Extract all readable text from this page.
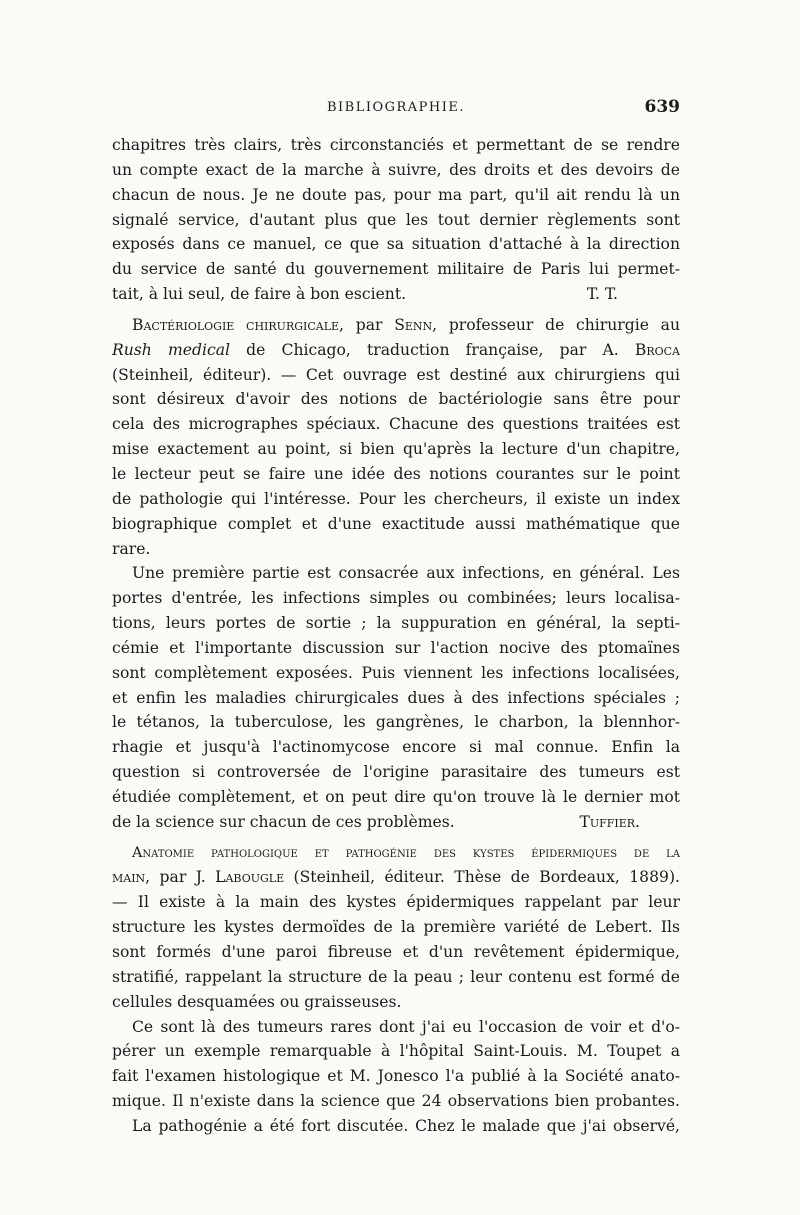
BIBLIOGRAPHIE.	639
chapitres très clairs, très circonstanciés et permettant de se rendre
un compte exact de la marche à suivre, des droits et des devoirs de
chacun de nous. Je ne doute pas, pour ma part, qu'il ait rendu là un
signalé service, d'autant plus que les tout dernier règlements sont
exposés dans ce manuel, ce que sa situation d'attaché à la direction
du service de santé du gouvernement militaire de Paris lui permet-
tait, à lui seul, de faire à bon escient.	T. T.
Bactériologie chirurgicale, par Senn, professeur de chirurgie au
Rush medical de Chicago, traduction française, par A. Broca
(Steinheil, éditeur). — Cet ouvrage est destiné aux chirurgiens qui
sont désireux d'avoir des notions de bactériologie sans être pour
cela des micrographes spéciaux. Chacune des questions traitées est
mise exactement au point, si bien qu'après la lecture d'un chapitre,
le lecteur peut se faire une idée des notions courantes sur le point
de pathologie qui l'intéresse. Pour les chercheurs, il existe un index
biographique complet et d'une exactitude aussi mathématique que
rare.
Une première partie est consacrée aux infections, en général. Les
portes d'entrée, les infections simples ou combinées; leurs localisa-
tions, leurs portes de sortie ; la suppuration en général, la septi-
cémie et l'importante discussion sur l'action nocive des ptomaïnes
sont complètement exposées. Puis viennent les infections localisées,
et enfin les maladies chirurgicales dues à des infections spéciales ;
le tétanos, la tuberculose, les gangrènes, le charbon, la blennhor-
rhagie et jusqu'à l'actinomycose encore si mal connue. Enfin la
question si controversée de l'origine parasitaire des tumeurs est
étudiée complètement, et on peut dire qu'on trouve là le dernier mot
de la science sur chacun de ces problèmes.	Tuffier.
Anatomie pathologique et pathogénie des kystes épidermiques de la
main, par J. Labougle (Steinheil, éditeur. Thèse de Bordeaux, 1889).
— Il existe à la main des kystes épidermiques rappelant par leur
structure les kystes dermoïdes de la première variété de Lebert. Ils
sont formés d'une paroi fibreuse et d'un revêtement épidermique,
stratifié, rappelant la structure de la peau ; leur contenu est formé de
cellules desquamées ou graisseuses.
Ce sont là des tumeurs rares dont j'ai eu l'occasion de voir et d'o-
pérer un exemple remarquable à l'hôpital Saint-Louis. M. Toupet a
fait l'examen histologique et M. Jonesco l'a publié à la Société anato-
mique. Il n'existe dans la science que 24 observations bien probantes.
La pathogénie a été fort discutée. Chez le malade que j'ai observé,
